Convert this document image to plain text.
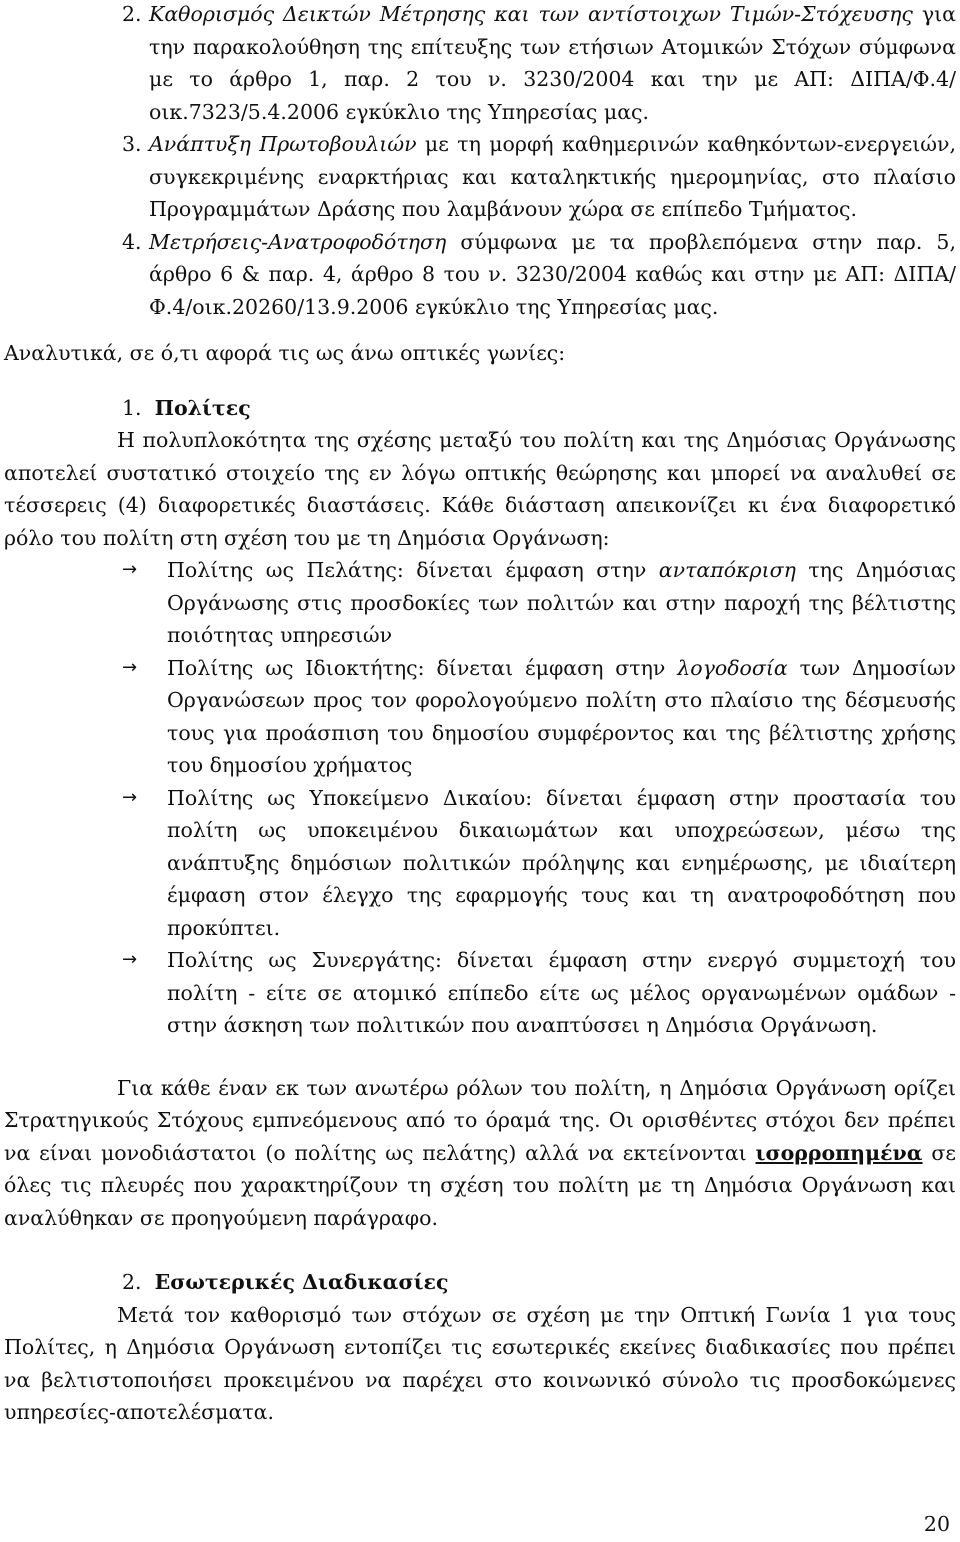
2. Καθορισμός Δεικτών Μέτρησης και των αντίστοιχων Τιμών-Στόχευσης για την παρακολούθηση της επίτευξης των ετήσιων Ατομικών Στόχων σύμφωνα με το άρθρο 1, παρ. 2 του ν. 3230/2004 και την με ΑΠ: ΔΙΠΑ/Φ.4/οικ.7323/5.4.2006 εγκύκλιο της Υπηρεσίας μας.

3. Ανάπτυξη Πρωτοβουλιών με τη μορφή καθημερινών καθηκόντων-ενεργειών, συγκεκριμένης εναρκτήριας και καταληκτικής ημερομηνίας, στο πλαίσιο Προγραμμάτων Δράσης που λαμβάνουν χώρα σε επίπεδο Τμήματος.

4. Μετρήσεις-Ανατροφοδότηση σύμφωνα με τα προβλεπόμενα στην παρ. 5, άρθρο 6 & παρ. 4, άρθρο 8 του ν. 3230/2004 καθώς και στην με ΑΠ: ΔΙΠΑ/Φ.4/οικ.20260/13.9.2006 εγκύκλιο της Υπηρεσίας μας.

Αναλυτικά, σε ό,τι αφορά τις ως άνω οπτικές γωνίες:

1. Πολίτες

Η πολυπλοκότητα της σχέσης μεταξύ του πολίτη και της Δημόσιας Οργάνωσης αποτελεί συστατικό στοιχείο της εν λόγω οπτικής θεώρησης και μπορεί να αναλυθεί σε τέσσερεις (4) διαφορετικές διαστάσεις. Κάθε διάσταση απεικονίζει κι ένα διαφορετικό ρόλο του πολίτη στη σχέση του με τη Δημόσια Οργάνωση:

→ Πολίτης ως Πελάτης: δίνεται έμφαση στην ανταπόκριση της Δημόσιας Οργάνωσης στις προσδοκίες των πολιτών και στην παροχή της βέλτιστης ποιότητας υπηρεσιών

→ Πολίτης ως Ιδιοκτήτης: δίνεται έμφαση στην λογοδοσία των Δημοσίων Οργανώσεων προς τον φορολογούμενο πολίτη στο πλαίσιο της δέσμευσής τους για προάσπιση του δημοσίου συμφέροντος και της βέλτιστης χρήσης του δημοσίου χρήματος

→ Πολίτης ως Υποκείμενο Δικαίου: δίνεται έμφαση στην προστασία του πολίτη ως υποκειμένου δικαιωμάτων και υποχρεώσεων, μέσω της ανάπτυξης δημόσιων πολιτικών πρόληψης και ενημέρωσης, με ιδιαίτερη έμφαση στον έλεγχο της εφαρμογής τους και τη ανατροφοδότηση που προκύπτει.

→ Πολίτης ως Συνεργάτης: δίνεται έμφαση στην ενεργό συμμετοχή του πολίτη - είτε σε ατομικό επίπεδο είτε ως μέλος οργανωμένων ομάδων - στην άσκηση των πολιτικών που αναπτύσσει η Δημόσια Οργάνωση.

Για κάθε έναν εκ των ανωτέρω ρόλων του πολίτη, η Δημόσια Οργάνωση ορίζει Στρατηγικούς Στόχους εμπνεόμενους από το όραμά της. Οι ορισθέντες στόχοι δεν πρέπει να είναι μονοδιάστατοι (ο πολίτης ως πελάτης) αλλά να εκτείνονται ισορροπημένα σε όλες τις πλευρές που χαρακτηρίζουν τη σχέση του πολίτη με τη Δημόσια Οργάνωση και αναλύθηκαν σε προηγούμενη παράγραφο.

2. Εσωτερικές Διαδικασίες

Μετά τον καθορισμό των στόχων σε σχέση με την Οπτική Γωνία 1 για τους Πολίτες, η Δημόσια Οργάνωση εντοπίζει τις εσωτερικές εκείνες διαδικασίες που πρέπει να βελτιστοποιήσει προκειμένου να παρέχει στο κοινωνικό σύνολο τις προσδοκώμενες υπηρεσίες-αποτελέσματα.

20
